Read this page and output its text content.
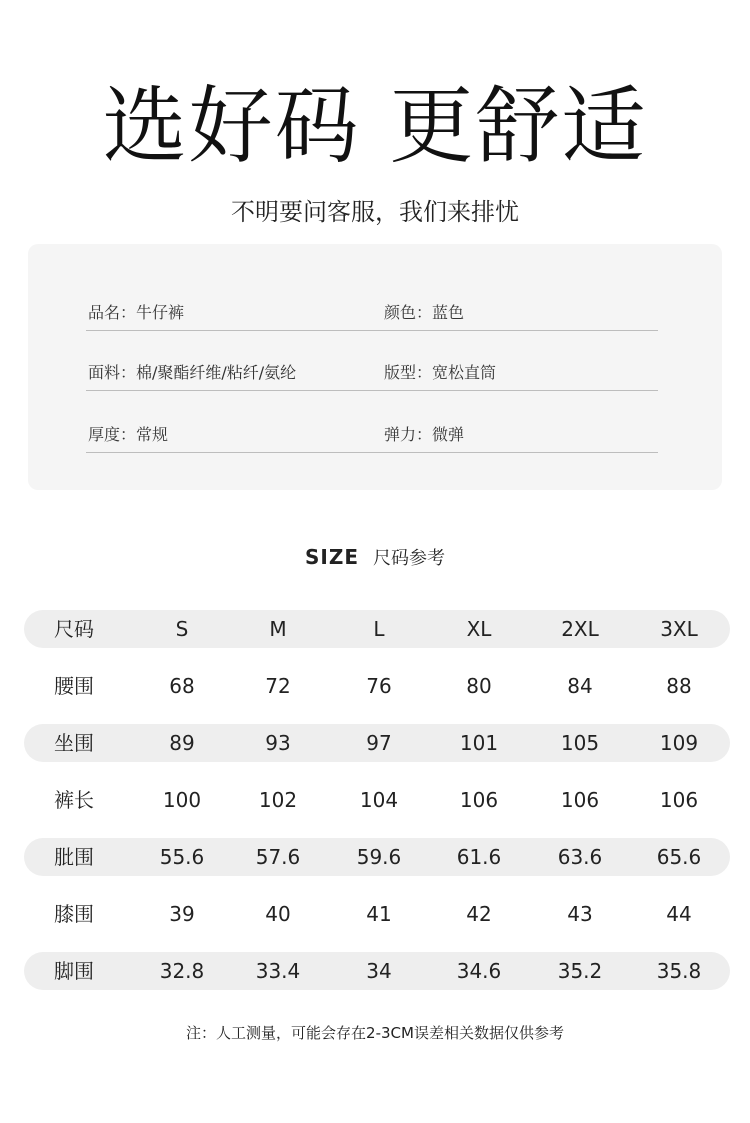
选好码 更舒适
不明要问客服，我们来排忧
品名：牛仔裤	颜色：蓝色
面料：棉/聚酯纤维/粘纤/氨纶	版型：宽松直筒
厚度：常规	弹力：微弹
SIZE 尺码参考
尺码	S	M	L	XL	2XL	3XL
腰围	68	72	76	80	84	88
坐围	89	93	97	101	105	109
裤长	100	102	104	106	106	106
肶围	55.6	57.6	59.6	61.6	63.6	65.6
膝围	39	40	41	42	43	44
脚围	32.8	33.4	34	34.6	35.2	35.8
注：人工测量，可能会存在2-3CM误差相关数据仅供参考
